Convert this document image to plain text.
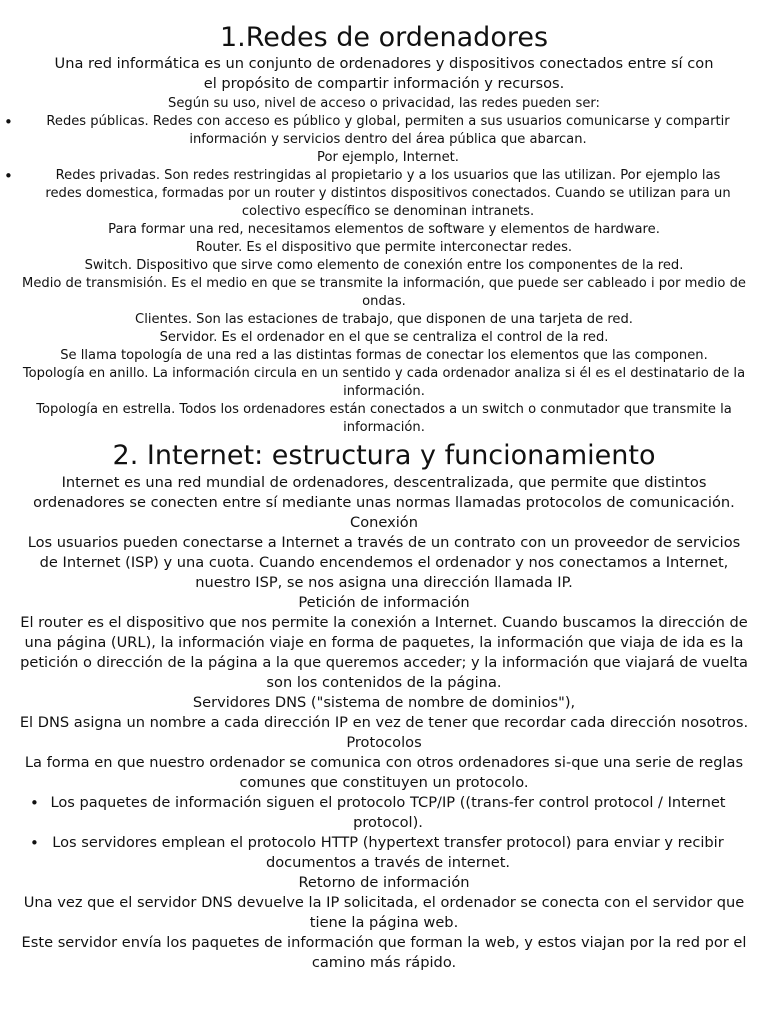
1.Redes de ordenadores

Una red informática es un conjunto de ordenadores y dispositivos conectados entre sí con el propósito de compartir información y recursos.

Según su uso, nivel de acceso o privacidad, las redes pueden ser:

• Redes públicas. Redes con acceso es público y global, permiten a sus usuarios comunicarse y compartir información y servicios dentro del área pública que abarcan.
Por ejemplo, Internet.
• Redes privadas. Son redes restringidas al propietario y a los usuarios que las utilizan. Por ejemplo las redes domestica, formadas por un router y distintos dispositivos conectados. Cuando se utilizan para un colectivo específico se denominan intranets.

Para formar una red, necesitamos elementos de software y elementos de hardware.

Router. Es el dispositivo que permite interconectar redes.

Switch. Dispositivo que sirve como elemento de conexión entre los componentes de la red.

Medio de transmisión. Es el medio en que se transmite la información, que puede ser cableado i por medio de ondas.

Clientes. Son las estaciones de trabajo, que disponen de una tarjeta de red.

Servidor. Es el ordenador en el que se centraliza el control de la red.

Se llama topología de una red a las distintas formas de conectar los elementos que las componen.

Topología en anillo. La información circula en un sentido y cada ordenador analiza si él es el destinatario de la información.

Topología en estrella. Todos los ordenadores están conectados a un switch o conmutador que transmite la información.

2. Internet: estructura y funcionamiento

Internet es una red mundial de ordenadores, descentralizada, que permite que distintos ordenadores se conecten entre sí mediante unas normas llamadas protocolos de comunicación.

Conexión

Los usuarios pueden conectarse a Internet a través de un contrato con un proveedor de servicios de Internet (ISP) y una cuota. Cuando encendemos el ordenador y nos conectamos a Internet, nuestro ISP, se nos asigna una dirección llamada IP.

Petición de información

El router es el dispositivo que nos permite la conexión a Internet. Cuando buscamos la dirección de una página (URL), la información viaje en forma de paquetes, la información que viaja de ida es la petición o dirección de la página a la que queremos acceder; y la información que viajará de vuelta son los contenidos de la página.

Servidores DNS ("sistema de nombre de dominios"),

El DNS asigna un nombre a cada dirección IP en vez de tener que recordar cada dirección nosotros.

Protocolos

La forma en que nuestro ordenador se comunica con otros ordenadores si-que una serie de reglas comunes que constituyen un protocolo.

• Los paquetes de información siguen el protocolo TCP/IP ((trans-fer control protocol / Internet protocol).
• Los servidores emplean el protocolo HTTP (hypertext transfer protocol) para enviar y recibir documentos a través de internet.

Retorno de información

Una vez que el servidor DNS devuelve la IP solicitada, el ordenador se conecta con el servidor que tiene la página web.

Este servidor envía los paquetes de información que forman la web, y estos viajan por la red por el camino más rápido.
